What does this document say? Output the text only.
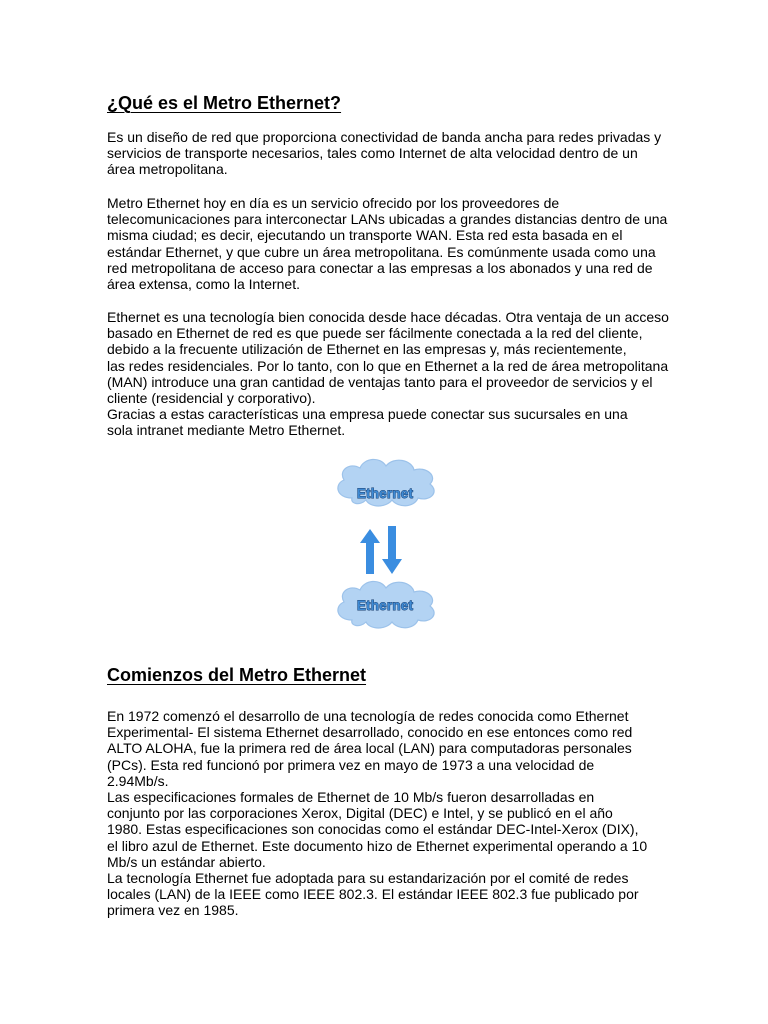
¿Qué es el Metro Ethernet?

Es un diseño de red que proporciona conectividad de banda ancha para redes privadas y
servicios de transporte necesarios, tales como Internet de alta velocidad dentro de un
área metropolitana.

Metro Ethernet hoy en día es un servicio ofrecido por los proveedores de
telecomunicaciones para interconectar LANs ubicadas a grandes distancias dentro de una
misma ciudad; es decir, ejecutando un transporte WAN. Esta red esta basada en el
estándar Ethernet, y que cubre un área metropolitana. Es comúnmente usada como una
red metropolitana de acceso para conectar a las empresas a los abonados y una red de
área extensa, como la Internet.

Ethernet es una tecnología bien conocida desde hace décadas. Otra ventaja de un acceso
basado en Ethernet de red es que puede ser fácilmente conectada a la red del cliente,
debido a la frecuente utilización de Ethernet en las empresas y, más recientemente,
las redes residenciales. Por lo tanto, con lo que en Ethernet a la red de área metropolitana
(MAN) introduce una gran cantidad de ventajas tanto para el proveedor de servicios y el
cliente (residencial y corporativo).
Gracias a estas características una empresa puede conectar sus sucursales en una
sola intranet mediante Metro Ethernet.

Ethernet
Ethernet
Comienzos del Metro Ethernet

En 1972 comenzó el desarrollo de una tecnología de redes conocida como Ethernet
Experimental- El sistema Ethernet desarrollado, conocido en ese entonces como red
ALTO ALOHA, fue la primera red de área local (LAN) para computadoras personales
(PCs). Esta red funcionó por primera vez en mayo de 1973 a una velocidad de
2.94Mb/s.
Las especificaciones formales de Ethernet de 10 Mb/s fueron desarrolladas en
conjunto por las corporaciones Xerox, Digital (DEC) e Intel, y se publicó en el año
1980. Estas especificaciones son conocidas como el estándar DEC-Intel-Xerox (DIX),
el libro azul de Ethernet. Este documento hizo de Ethernet experimental operando a 10
Mb/s un estándar abierto.
La tecnología Ethernet fue adoptada para su estandarización por el comité de redes
locales (LAN) de la IEEE como IEEE 802.3. El estándar IEEE 802.3 fue publicado por
primera vez en 1985.
